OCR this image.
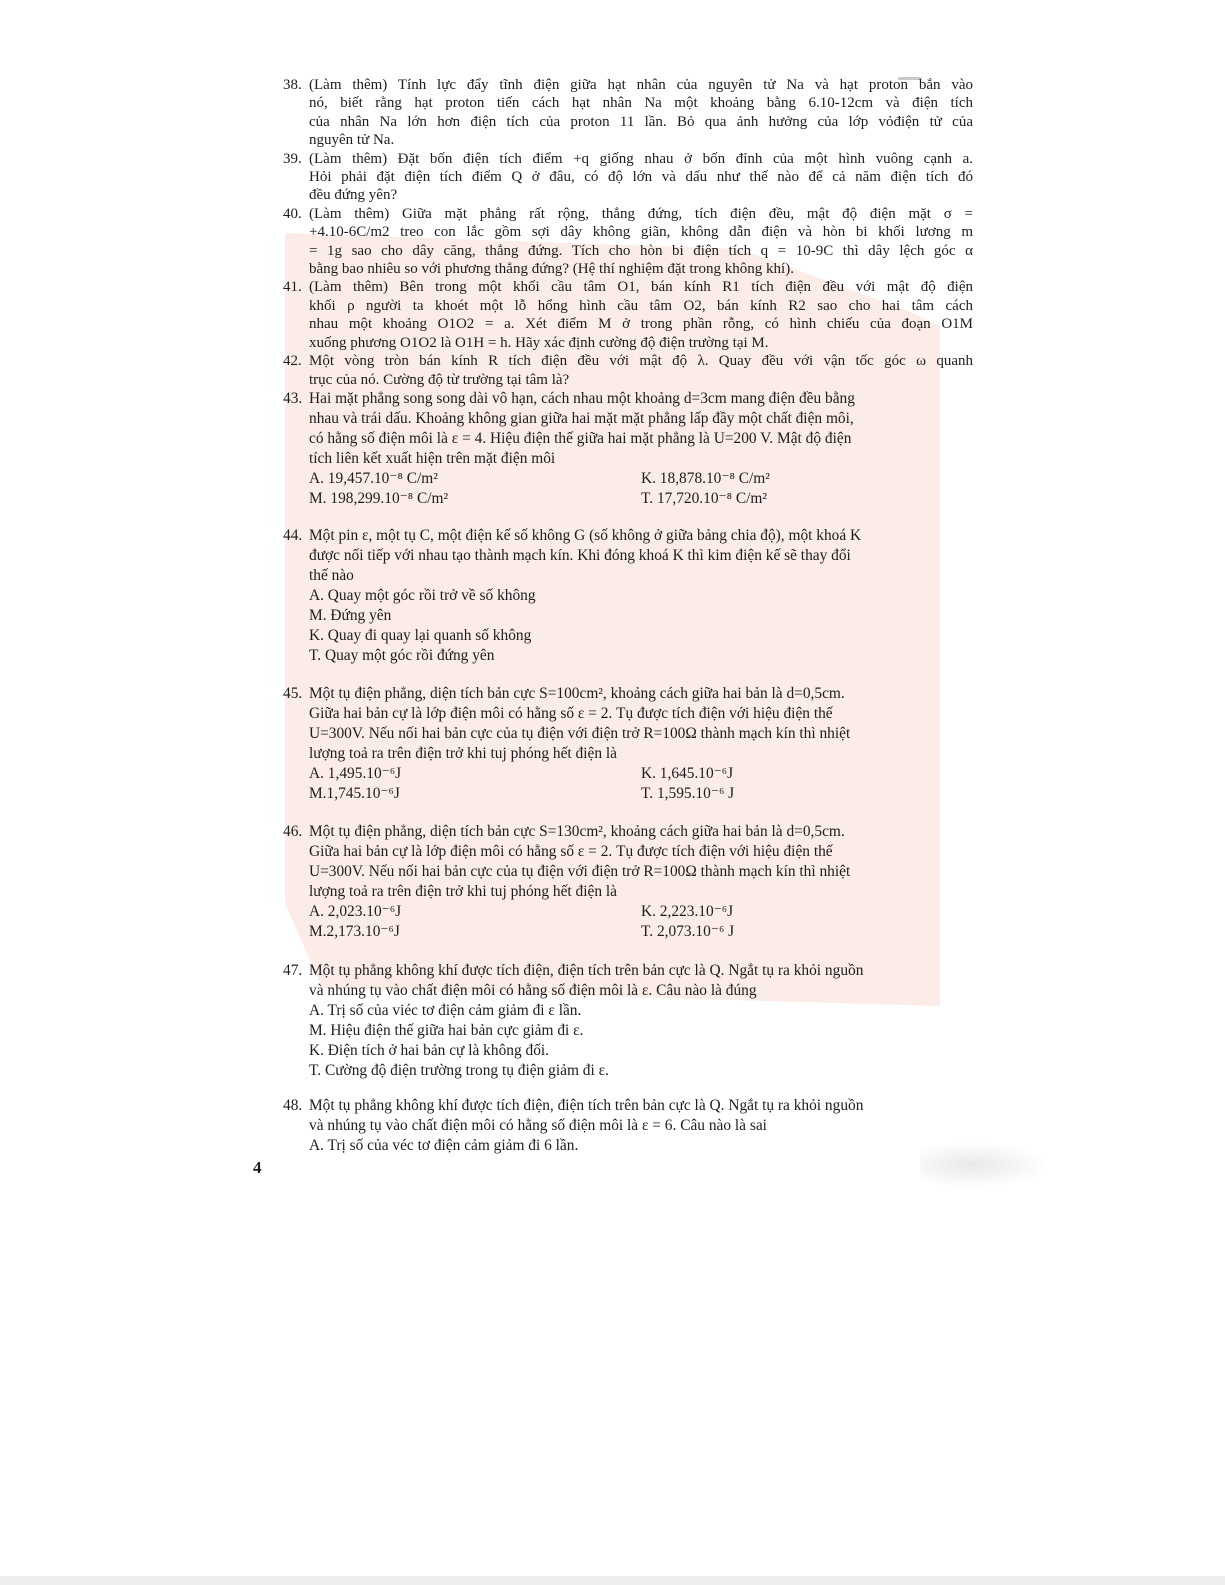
38. (Làm thêm) Tính lực đẩy tĩnh điện giữa hạt nhân của nguyên tử Na và hạt proton bắn vào
nó, biết rằng hạt proton tiến cách hạt nhân Na một khoảng bằng 6.10-12cm và điện tích
của nhân Na lớn hơn điện tích của proton 11 lần. Bỏ qua ảnh hưởng của lớp vỏđiện tử của
nguyên tử Na.
39. (Làm thêm) Đặt bốn điện tích điểm +q giống nhau ở bốn đỉnh của một hình vuông cạnh a.
Hỏi phải đặt điện tích điểm Q ở đâu, có độ lớn và dấu như thế nào để cả năm điện tích đó
đều đứng yên?
40. (Làm thêm) Giữa mặt phẳng rất rộng, thẳng đứng, tích điện đều, mật độ điện mặt σ =
+4.10-6C/m2 treo con lắc gồm sợi dây không giãn, không dẫn điện và hòn bi khối lương m
= 1g sao cho dây căng, thẳng đứng. Tích cho hòn bi điện tích q = 10-9C thì dây lệch góc α
bằng bao nhiêu so với phương thẳng đứng? (Hệ thí nghiệm đặt trong không khí).
41. (Làm thêm) Bên trong một khối cầu tâm O1, bán kính R1 tích điện đều với mật độ điện
khối ρ người ta khoét một lỗ hổng hình cầu tâm O2, bán kính R2 sao cho hai tâm cách
nhau một khoảng O1O2 = a. Xét điểm M ở trong phần rỗng, có hình chiếu của đoạn O1M
xuống phương O1O2 là O1H = h. Hãy xác định cường độ điện trường tại M.
42. Một vòng tròn bán kính R tích điện đều với mật độ λ. Quay đều với vận tốc góc ω quanh
trục của nó. Cường độ từ trường tại tâm là?
43. Hai mặt phẳng song song dài vô hạn, cách nhau một khoảng d=3cm mang điện đều bằng
nhau và trái dấu. Khoảng không gian giữa hai mặt mặt phẳng lấp đầy một chất điện môi,
có hằng số điện môi là ε = 4. Hiệu điện thế giữa hai mặt phẳng là U=200 V. Mật độ điện
tích liên kết xuất hiện trên mặt điện môi
A. 19,457.10⁻⁸ C/m²	K. 18,878.10⁻⁸ C/m²
M. 198,299.10⁻⁸ C/m²	T. 17,720.10⁻⁸ C/m²
44. Một pin ε, một tụ C, một điện kế số không G (số không ở giữa bảng chia độ), một khoá K
được nối tiếp với nhau tạo thành mạch kín. Khi đóng khoá K thì kim điện kế sẽ thay đổi
thế nào
A. Quay một góc rồi trở về số không
M. Đứng yên
K. Quay đi quay lại quanh số không
T. Quay một góc rồi đứng yên
45. Một tụ điện phẳng, diện tích bản cực S=100cm², khoảng cách giữa hai bản là d=0,5cm.
Giữa hai bản cự là lớp điện môi có hằng số ε = 2. Tụ được tích điện với hiệu điện thế
U=300V. Nếu nối hai bản cực của tụ điện với điện trở R=100Ω thành mạch kín thì nhiệt
lượng toả ra trên điện trở khi tuj phóng hết điện là
A. 1,495.10⁻⁶J	K. 1,645.10⁻⁶J
M.1,745.10⁻⁶J	T. 1,595.10⁻⁶ J
46. Một tụ điện phẳng, diện tích bản cực S=130cm², khoảng cách giữa hai bản là d=0,5cm.
Giữa hai bản cự là lớp điện môi có hằng số ε = 2. Tụ được tích điện với hiệu điện thế
U=300V. Nếu nối hai bản cực của tụ điện với điện trở R=100Ω thành mạch kín thì nhiệt
lượng toả ra trên điện trở khi tuj phóng hết điện là
A. 2,023.10⁻⁶J	K. 2,223.10⁻⁶J
M.2,173.10⁻⁶J	T. 2,073.10⁻⁶ J
47. Một tụ phẳng không khí được tích điện, điện tích trên bản cực là Q. Ngắt tụ ra khỏi nguồn
và nhúng tụ vào chất điện môi có hằng số điện môi là ε. Câu nào là đúng
A. Trị số của viéc tơ điện cảm giảm đi ε lần.
M. Hiệu điện thế giữa hai bản cực giảm đi ε.
K. Điện tích ở hai bản cự là không đối.
T. Cường độ điện trường trong tụ điện giảm đi ε.
48. Một tụ phẳng không khí được tích điện, điện tích trên bản cực là Q. Ngắt tụ ra khỏi nguồn
và nhúng tụ vào chất điện môi có hằng số điện môi là ε = 6. Câu nào là sai
A. Trị số của véc tơ điện cảm giảm đi 6 lần.
4
